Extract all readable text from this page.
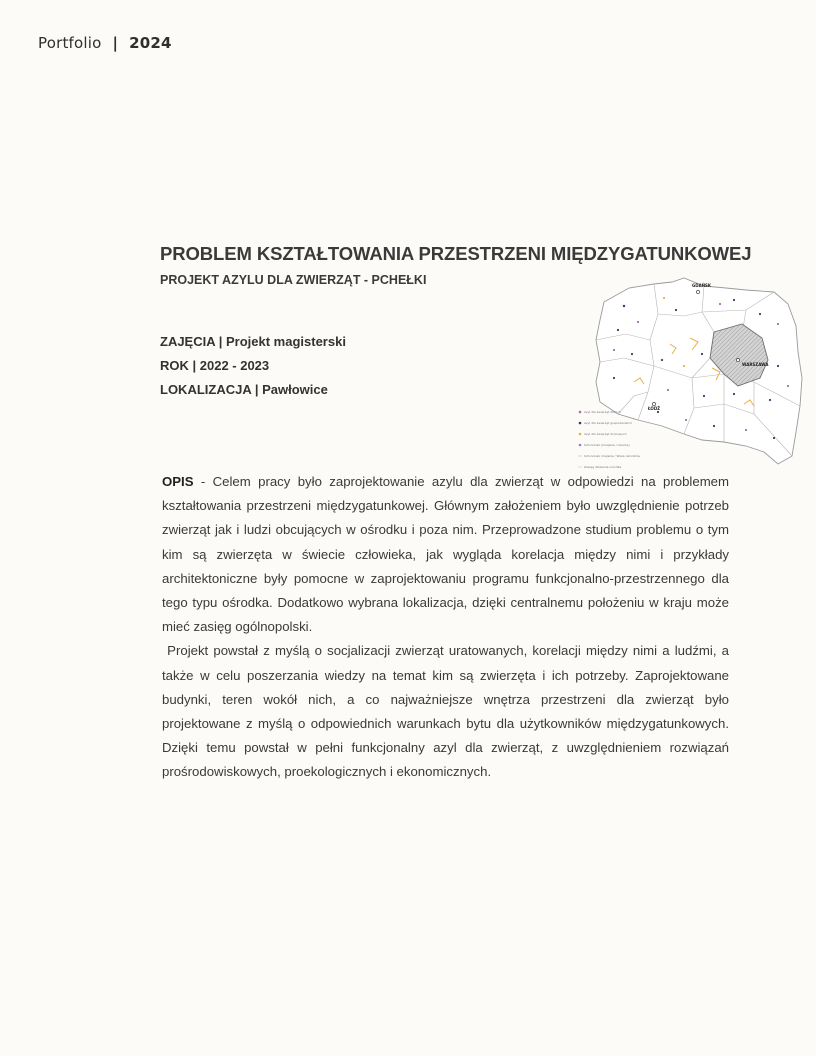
Portfolio | 2024
PROBLEM KSZTAŁTOWANIA PRZESTRZENI MIĘDZYGATUNKOWEJ
PROJEKT AZYLU DLA ZWIERZĄT - PCHEŁKI
ZAJĘCIA | Projekt magisterski
ROK | 2022 - 2023
LOKALIZACJA | Pawłowice
GDAŃSK
WARSZAWA
ŁÓDŹ
Azyl dla zwierząt dzikich
Azyl dla zwierząt gospodarskich
Azyl dla zwierząt domowych
Schronisko (miejskie / lokalne)
Schronisko miejskie / Wiele ośrodków
Zasięg działania ośrodka

OPIS - Celem pracy było zaprojektowanie azylu dla zwierząt w odpowiedzi na problemem kształtowania przestrzeni międzygatunkowej. Głównym założeniem było uwzględnienie potrzeb zwierząt jak i ludzi obcujących w ośrodku i poza nim. Przeprowadzone studium problemu o tym kim są zwierzęta w świecie człowieka, jak wygląda korelacja między nimi i przykłady architektoniczne były pomocne w zaprojektowaniu programu funkcjonalno-przestrzennego dla tego typu ośrodka. Dodatkowo wybrana lokalizacja, dzięki centralnemu położeniu w kraju może mieć zasięg ogólnopolski.

Projekt powstał z myślą o socjalizacji zwierząt uratowanych, korelacji między nimi a ludźmi, a także w celu poszerzania wiedzy na temat kim są zwierzęta i ich potrzeby. Zaprojektowane budynki, teren wokół nich, a co najważniejsze wnętrza przestrzeni dla zwierząt było projektowane z myślą o odpowiednich warunkach bytu dla użytkowników międzygatunkowych. Dzięki temu powstał w pełni funkcjonalny azyl dla zwierząt, z uwzględnieniem rozwiązań prośrodowiskowych, proekologicznych i ekonomicznych.
